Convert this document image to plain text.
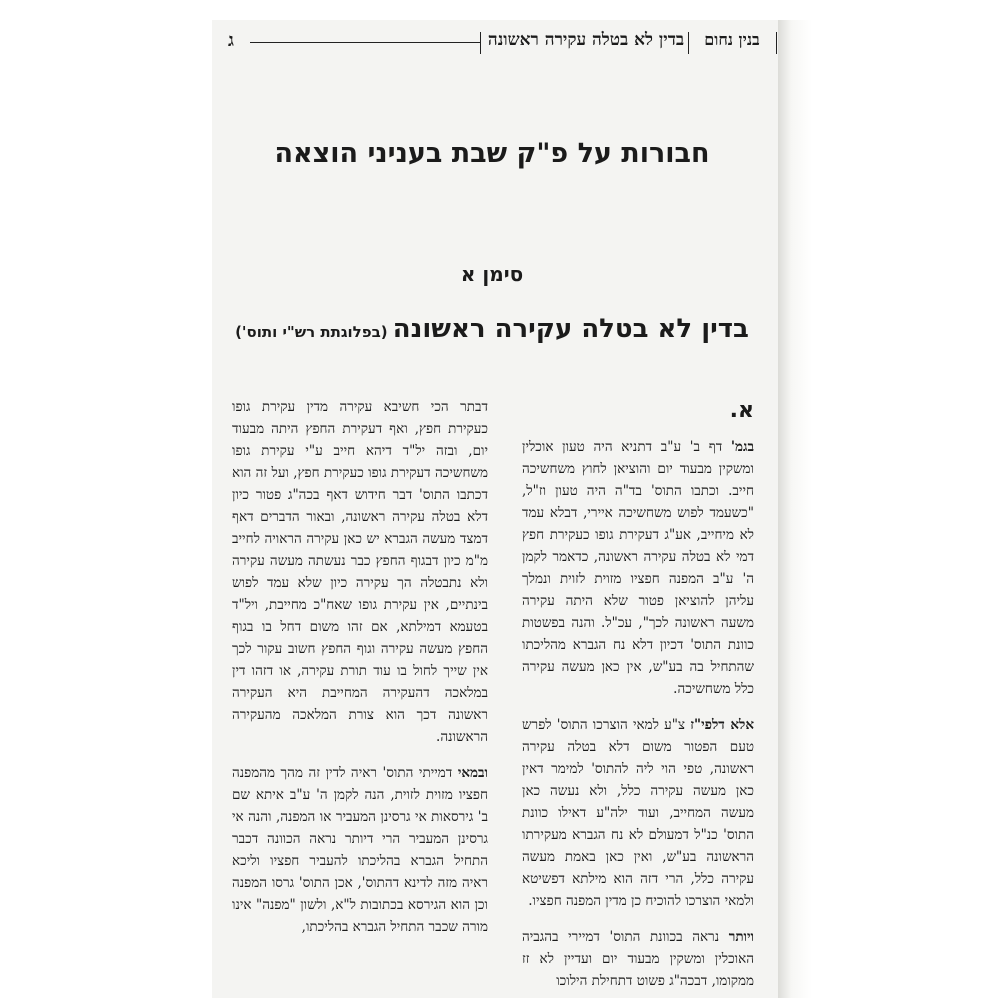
ג	בדין לא בטלה עקירה ראשונה	בנין נחום
חבורות על פ"ק שבת בעניני הוצאה
סימן א
בדין לא בטלה עקירה ראשונה (בפלוגתת רש"י ותוס')
א.

בגמ' דף ב' ע"ב דתניא היה טעון אוכלין ומשקין מבעוד יום והוציאן לחוץ משחשיכה חייב. וכתבו התוס' בד"ה היה טעון וז"ל, "כשעמד לפוש משחשיכה איירי, דבלא עמד לא מיחייב, אע"ג דעקירת גופו כעקירת חפץ דמי לא בטלה עקירה ראשונה, כדאמר לקמן ה' ע"ב המפנה חפציו מזוית לזוית ונמלך עליהן להוציאן פטור שלא היתה עקירה משעה ראשונה לכך", עכ"ל. והנה בפשטות כוונת התוס' דכיון דלא נח הגברא מהליכתו שהתחיל בה בע"ש, אין כאן מעשה עקירה כלל משחשיכה.

אלא דלפי"ז צ"ע למאי הוצרכו התוס' לפרש טעם הפטור משום דלא בטלה עקירה ראשונה, טפי הוי ליה להתוס' למימר דאין כאן מעשה עקירה כלל, ולא נעשה כאן מעשה המחייב, ועוד ילה"ע דאילו כוונת התוס' כנ"ל דמעולם לא נח הגברא מעקירתו הראשונה בע"ש, ואין כאן באמת מעשה עקירה כלל, הרי דזה הוא מילתא דפשיטא ולמאי הוצרכו להוכיח כן מדין המפנה חפציו.

ויותר נראה בכוונת התוס' דמיירי בהגביה האוכלין ומשקין מבעוד יום ועדיין לא זז ממקומו, דבכה"ג פשוט דתחילת הילוכו

דבתר הכי חשיבא עקירה מדין עקירת גופו כעקירת חפץ, ואף דעקירת החפץ היתה מבעוד יום, ובזה יל"ד דיהא חייב ע"י עקירת גופו משחשיכה דעקירת גופו כעקירת חפץ, ועל זה הוא דכתבו התוס' דבר חידוש דאף בכה"ג פטור כיון דלא בטלה עקירה ראשונה, ובאור הדברים דאף דמצד מעשה הגברא יש כאן עקירה הראויה לחייב מ"מ כיון דבגוף החפץ כבר נעשתה מעשה עקירה ולא נתבטלה הך עקירה כיון שלא עמד לפוש בינתיים, אין עקירת גופו שאח"כ מחייבת, ויל"ד בטעמא דמילתא, אם זהו משום דחל בו בגוף החפץ מעשה עקירה וגוף החפץ חשוב עקור לכך אין שייך לחול בו עוד תורת עקירה, או דזהו דין במלאכה דהעקירה המחייבת היא העקירה ראשונה דכך הוא צורת המלאכה מהעקירה הראשונה.

ובמאי דמייתי התוס' ראיה לדין זה מהך מהמפנה חפציו מזוית לזוית, הנה לקמן ה' ע"ב איתא שם ב' גירסאות אי גרסינן המעביר או המפנה, והנה אי גרסינן המעביר הרי דיותר נראה הכוונה דכבר התחיל הגברא בהליכתו להעביר חפציו וליכא ראיה מזה לדינא דהתוס', אכן התוס' גרסו המפנה וכן הוא הגירסא בכתובות ל"א, ולשון "מפנה" אינו מורה שכבר התחיל הגברא בהליכתו,
